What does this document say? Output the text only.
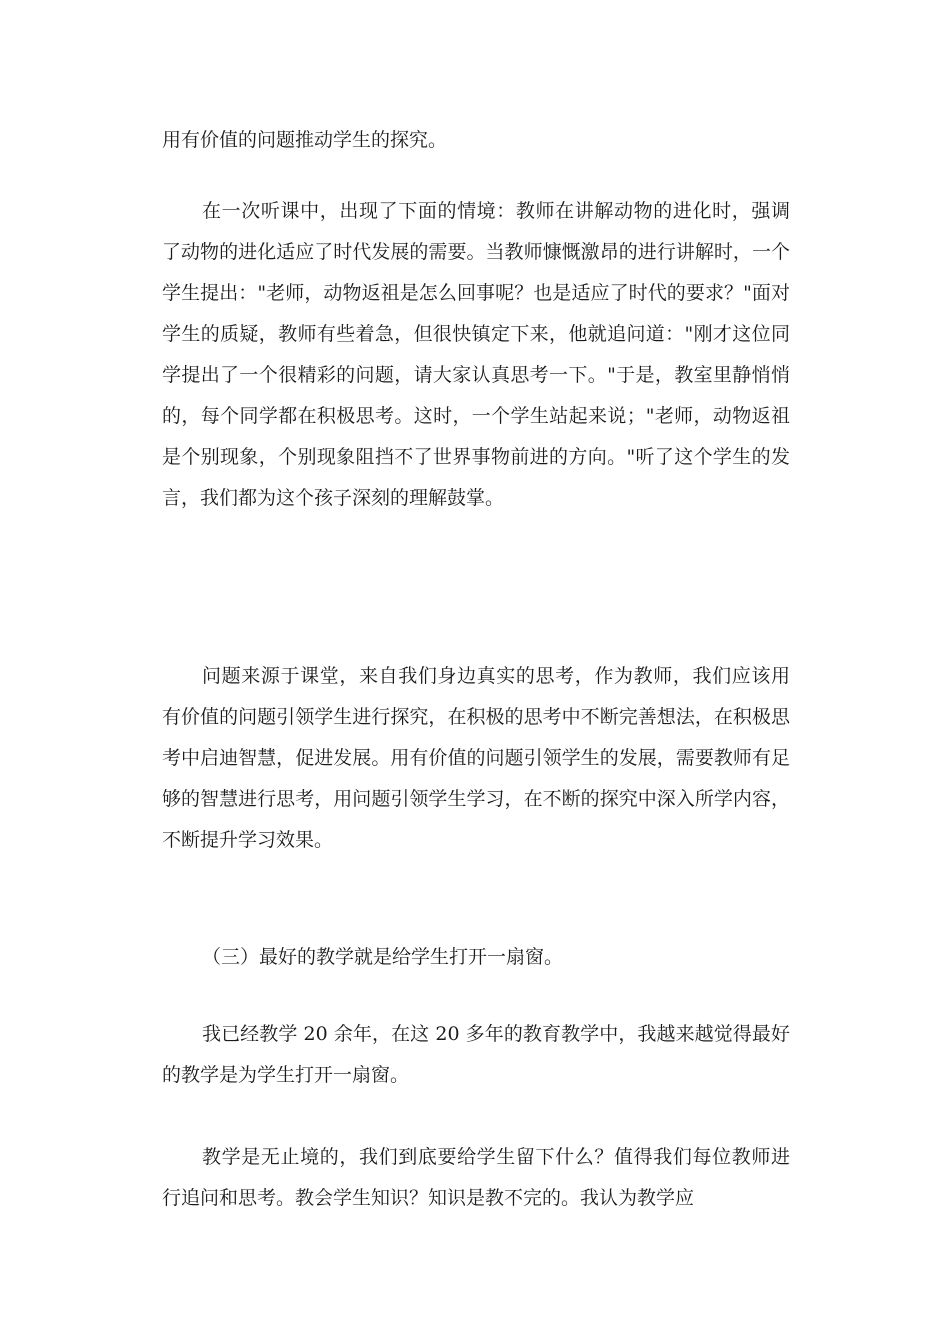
用有价值的问题推动学生的探究。

在一次听课中，出现了下面的情境：教师在讲解动物的进化时，强调了动物的进化适应了时代发展的需要。当教师慷慨激昂的进行讲解时，一个学生提出："老师，动物返祖是怎么回事呢？也是适应了时代的要求？"面对学生的质疑，教师有些着急，但很快镇定下来，他就追问道："刚才这位同学提出了一个很精彩的问题，请大家认真思考一下。"于是，教室里静悄悄的，每个同学都在积极思考。这时，一个学生站起来说；"老师，动物返祖是个别现象，个别现象阻挡不了世界事物前进的方向。"听了这个学生的发言，我们都为这个孩子深刻的理解鼓掌。

问题来源于课堂，来自我们身边真实的思考，作为教师，我们应该用有价值的问题引领学生进行探究，在积极的思考中不断完善想法，在积极思考中启迪智慧，促进发展。用有价值的问题引领学生的发展，需要教师有足够的智慧进行思考，用问题引领学生学习，在不断的探究中深入所学内容，不断提升学习效果。

（三）最好的教学就是给学生打开一扇窗。

我已经教学 20 余年，在这 20 多年的教育教学中，我越来越觉得最好的教学是为学生打开一扇窗。

教学是无止境的，我们到底要给学生留下什么？值得我们每位教师进行追问和思考。教会学生知识？知识是教不完的。我认为教学应
